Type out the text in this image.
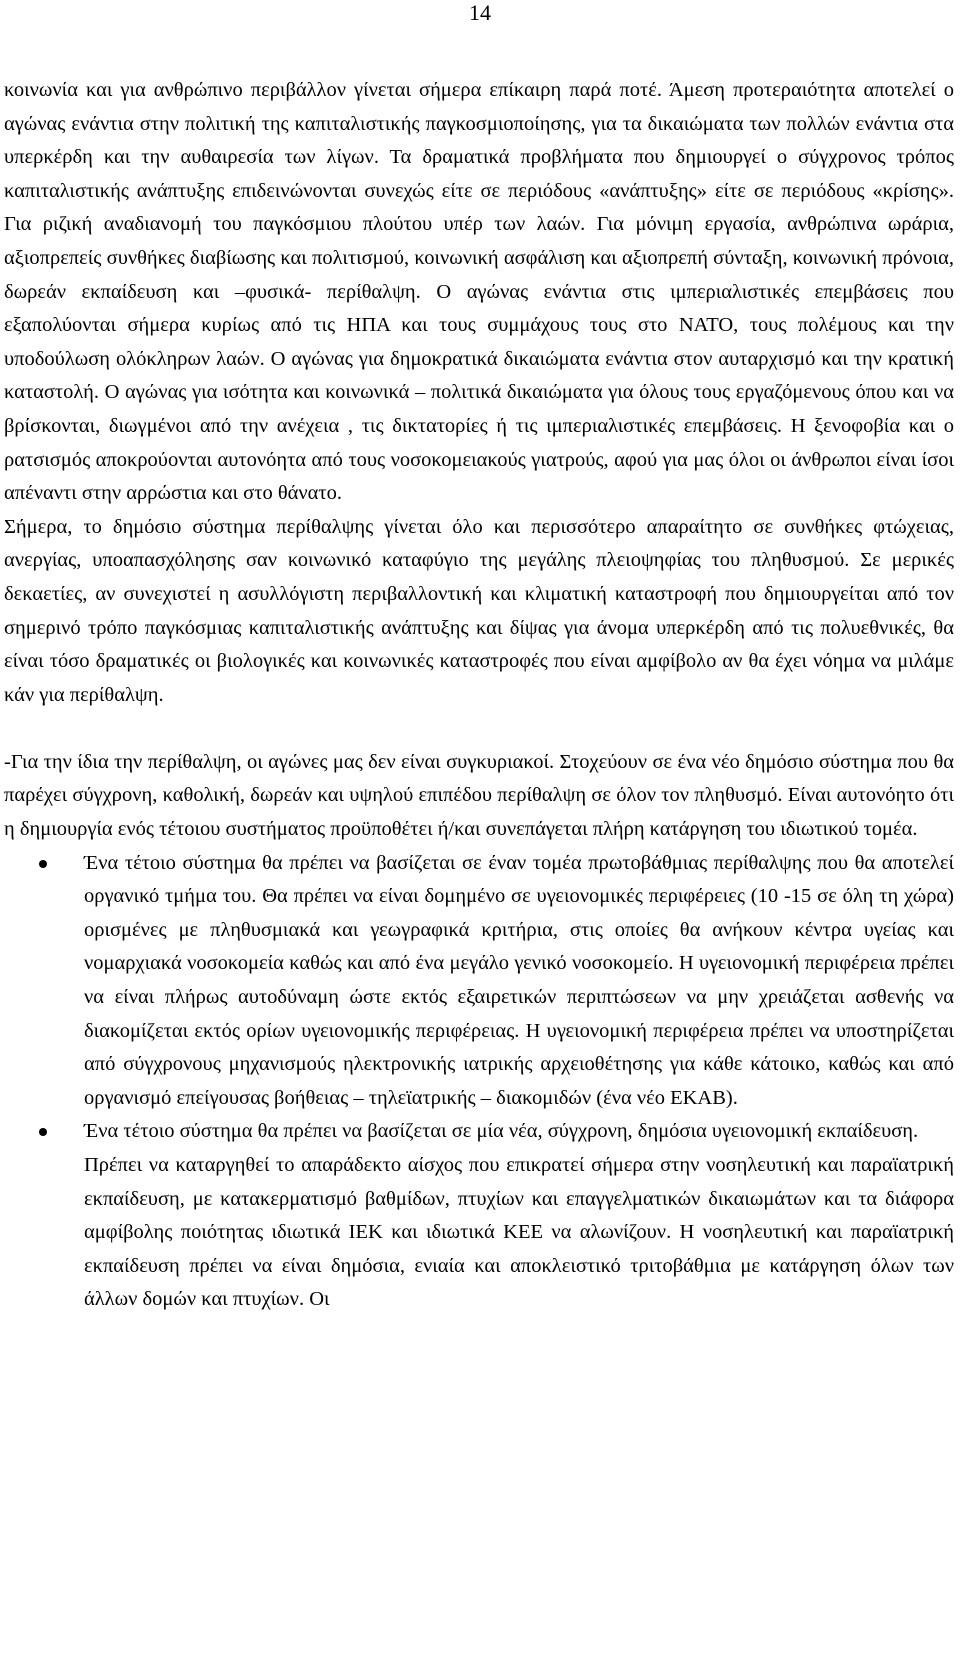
14

κοινωνία και για ανθρώπινο περιβάλλον γίνεται σήμερα επίκαιρη παρά ποτέ. Άμεση προτεραιότητα αποτελεί ο αγώνας ενάντια στην πολιτική της καπιταλιστικής παγκοσμιοποίησης, για τα δικαιώματα των πολλών ενάντια στα υπερκέρδη και την αυθαιρεσία των λίγων. Τα δραματικά προβλήματα που δημιουργεί ο σύγχρονος τρόπος καπιταλιστικής ανάπτυξης επιδεινώνονται συνεχώς είτε σε περιόδους «ανάπτυξης» είτε σε περιόδους «κρίσης». Για ριζική αναδιανομή του παγκόσμιου πλούτου υπέρ των λαών. Για μόνιμη εργασία, ανθρώπινα ωράρια, αξιοπρεπείς συνθήκες διαβίωσης και πολιτισμού, κοινωνική ασφάλιση και αξιοπρεπή σύνταξη, κοινωνική πρόνοια, δωρεάν εκπαίδευση και –φυσικά- περίθαλψη. Ο αγώνας ενάντια στις ιμπεριαλιστικές επεμβάσεις που εξαπολύονται σήμερα κυρίως από τις ΗΠΑ και τους συμμάχους τους στο ΝΑΤΟ, τους πολέμους και την υποδούλωση ολόκληρων λαών. Ο αγώνας για δημοκρατικά δικαιώματα ενάντια στον αυταρχισμό και την κρατική καταστολή. Ο αγώνας για ισότητα και κοινωνικά – πολιτικά δικαιώματα για όλους τους εργαζόμενους όπου και να βρίσκονται, διωγμένοι από την ανέχεια , τις δικτατορίες ή τις ιμπεριαλιστικές επεμβάσεις. Η ξενοφοβία και ο ρατσισμός αποκρούονται αυτονόητα από τους νοσοκομειακούς γιατρούς, αφού για μας όλοι οι άνθρωποι είναι ίσοι απέναντι στην αρρώστια και στο θάνατο.

Σήμερα, το δημόσιο σύστημα περίθαλψης γίνεται όλο και περισσότερο απαραίτητο σε συνθήκες φτώχειας, ανεργίας, υποαπασχόλησης σαν κοινωνικό καταφύγιο της μεγάλης πλειοψηφίας του πληθυσμού. Σε μερικές δεκαετίες, αν συνεχιστεί η ασυλλόγιστη περιβαλλοντική και κλιματική καταστροφή που δημιουργείται από τον σημερινό τρόπο παγκόσμιας καπιταλιστικής ανάπτυξης και δίψας για άνομα υπερκέρδη από τις πολυεθνικές, θα είναι τόσο δραματικές οι βιολογικές και κοινωνικές καταστροφές που είναι αμφίβολο αν θα έχει νόημα να μιλάμε κάν για περίθαλψη.

-Για την ίδια την περίθαλψη, οι αγώνες μας δεν είναι συγκυριακοί. Στοχεύουν σε ένα νέο δημόσιο σύστημα που θα παρέχει σύγχρονη, καθολική, δωρεάν και υψηλού επιπέδου περίθαλψη σε όλον τον πληθυσμό. Είναι αυτονόητο ότι η δημιουργία ενός τέτοιου συστήματος προϋποθέτει ή/και συνεπάγεται πλήρη κατάργηση του ιδιωτικού τομέα.

Ένα τέτοιο σύστημα θα πρέπει να βασίζεται σε έναν τομέα πρωτοβάθμιας περίθαλψης που θα αποτελεί οργανικό τμήμα του. Θα πρέπει να είναι δομημένο σε υγειονομικές περιφέρειες (10 -15 σε όλη τη χώρα) ορισμένες με πληθυσμιακά και γεωγραφικά κριτήρια, στις οποίες θα ανήκουν κέντρα υγείας και νομαρχιακά νοσοκομεία καθώς και από ένα μεγάλο γενικό νοσοκομείο. Η υγειονομική περιφέρεια πρέπει να είναι πλήρως αυτοδύναμη ώστε εκτός εξαιρετικών περιπτώσεων να μην χρειάζεται ασθενής να διακομίζεται εκτός ορίων υγειονομικής περιφέρειας. Η υγειονομική περιφέρεια πρέπει να υποστηρίζεται από σύγχρονους μηχανισμούς ηλεκτρονικής ιατρικής αρχειοθέτησης για κάθε κάτοικο, καθώς και από οργανισμό επείγουσας βοήθειας – τηλεϊατρικής – διακομιδών (ένα νέο ΕΚΑΒ).
Ένα τέτοιο σύστημα θα πρέπει να βασίζεται σε μία νέα, σύγχρονη, δημόσια υγειονομική εκπαίδευση.
Πρέπει να καταργηθεί το απαράδεκτο αίσχος που επικρατεί σήμερα στην νοσηλευτική και παραϊατρική εκπαίδευση, με κατακερματισμό βαθμίδων, πτυχίων και επαγγελματικών δικαιωμάτων και τα διάφορα αμφίβολης ποιότητας ιδιωτικά ΙΕΚ και ιδιωτικά ΚΕΕ να αλωνίζουν. Η νοσηλευτική και παραϊατρική εκπαίδευση πρέπει να είναι δημόσια, ενιαία και αποκλειστικό τριτοβάθμια με κατάργηση όλων των άλλων δομών και πτυχίων. Οι
